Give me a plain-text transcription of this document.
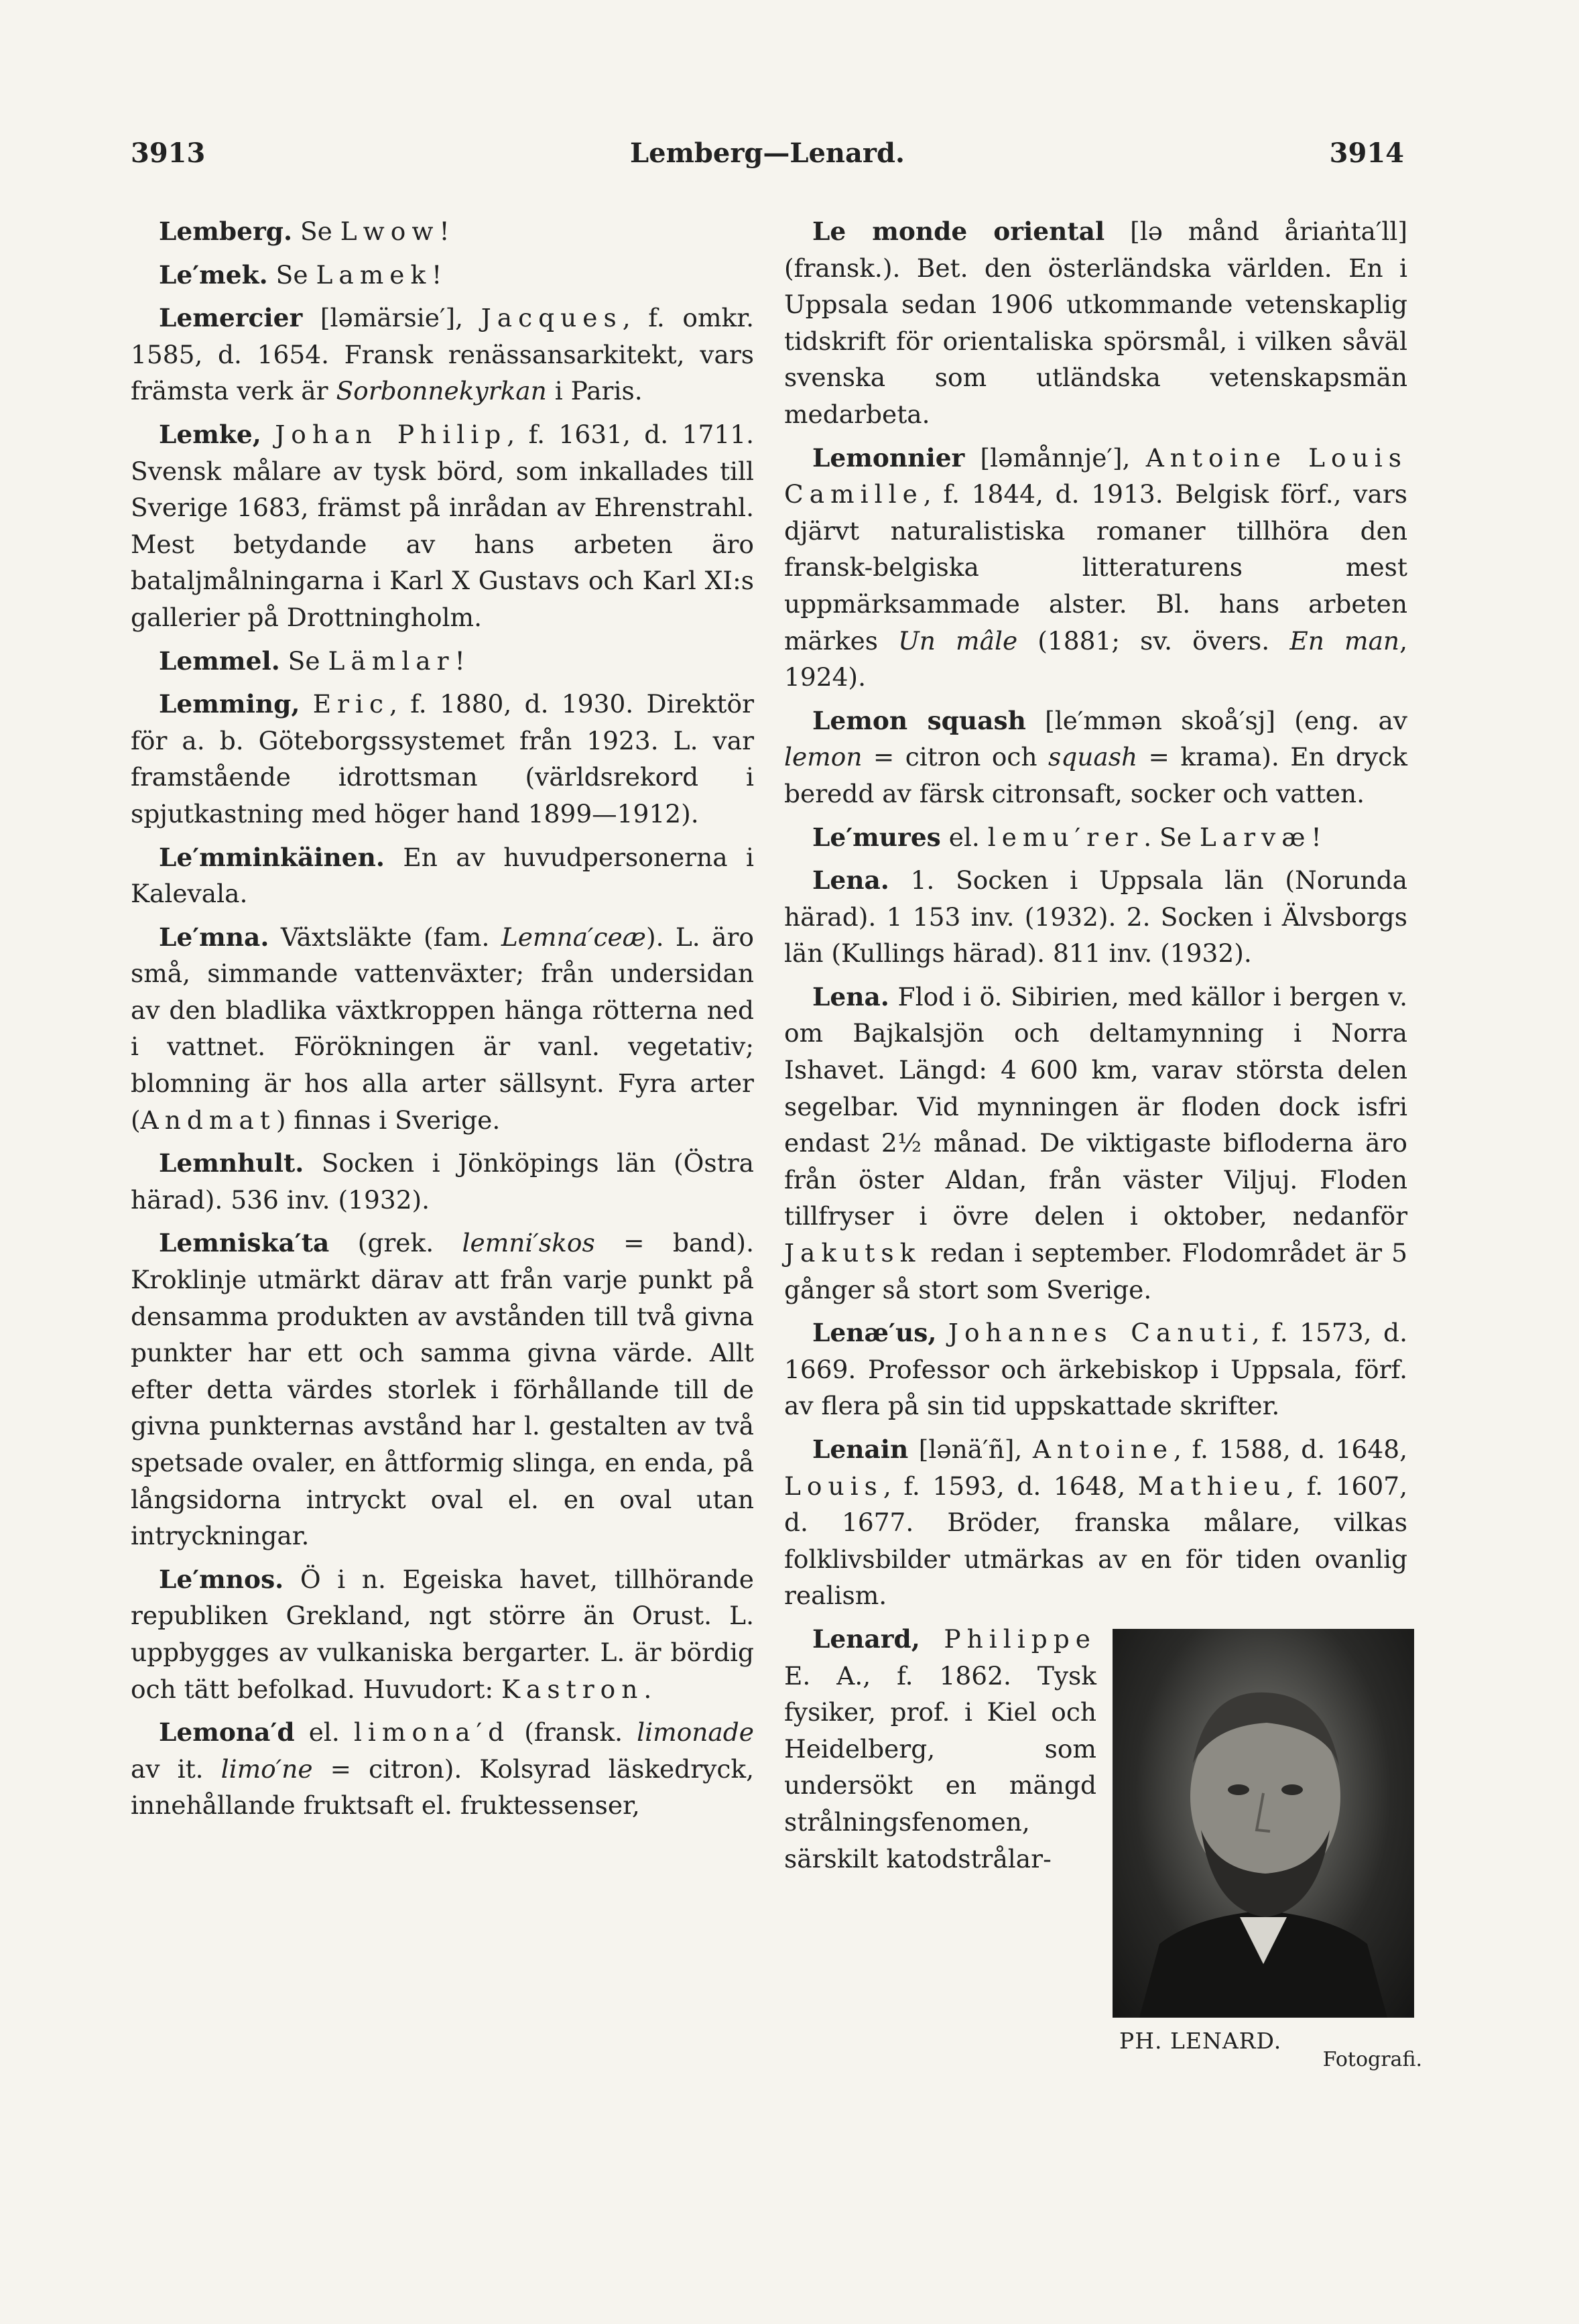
3913	Lemberg—Lenard.	3914

Lemberg. Se Lwow!

Le′mek. Se Lamek!

Lemercier [ləmärsie′], Jacques, f. omkr. 1585, d. 1654. Fransk renässansarkitekt, vars främsta verk är Sorbonnekyrkan i Paris.

Lemke, Johan Philip, f. 1631, d. 1711. Svensk målare av tysk börd, som inkallades till Sverige 1683, främst på inrådan av Ehrenstrahl. Mest betydande av hans arbeten äro bataljmålningarna i Karl X Gustavs och Karl XI:s gallerier på Drottningholm.

Lemmel. Se Lämlar!

Lemming, Eric, f. 1880, d. 1930. Direktör för a. b. Göteborgssystemet från 1923. L. var framstående idrottsman (världsrekord i spjutkastning med höger hand 1899—1912).

Le′mminkäinen. En av huvudpersonerna i Kalevala.

Le′mna. Växtsläkte (fam. Lemna′ceæ). L. äro små, simmande vattenväxter; från undersidan av den bladlika växtkroppen hänga rötterna ned i vattnet. Förökningen är vanl. vegetativ; blomning är hos alla arter sällsynt. Fyra arter (Andmat) finnas i Sverige.

Lemnhult. Socken i Jönköpings län (Östra härad). 536 inv. (1932).

Lemniska′ta (grek. lemni′skos = band). Kroklinje utmärkt därav att från varje punkt på densamma produkten av avstånden till två givna punkter har ett och samma givna värde. Allt efter detta värdes storlek i förhållande till de givna punkternas avstånd har l. gestalten av två spetsade ovaler, en åttformig slinga, en enda, på långsidorna intryckt oval el. en oval utan intryckningar.

Le′mnos. Ö i n. Egeiska havet, tillhörande republiken Grekland, ngt större än Orust. L. uppbygges av vulkaniska bergarter. L. är bördig och tätt befolkad. Huvudort: Kastron.

Lemona′d el. limona′d (fransk. limonade av it. limo′ne = citron). Kolsyrad läskedryck, innehållande fruktsaft el. fruktessenser,

Le monde oriental [lə månd åriaṅta′ll] (fransk.). Bet. den österländska världen. En i Uppsala sedan 1906 utkommande vetenskaplig tidskrift för orientaliska spörsmål, i vilken såväl svenska som utländska vetenskapsmän medarbeta.

Lemonnier [ləmånnje′], Antoine Louis Camille, f. 1844, d. 1913. Belgisk förf., vars djärvt naturalistiska romaner tillhöra den fransk-belgiska litteraturens mest uppmärksammade alster. Bl. hans arbeten märkes Un mâle (1881; sv. övers. En man, 1924).

Lemon squash [le′mmən skoå′sj] (eng. av lemon = citron och squash = krama). En dryck beredd av färsk citronsaft, socker och vatten.

Le′mures el. lemu′rer. Se Larvæ!

Lena. 1. Socken i Uppsala län (Norunda härad). 1 153 inv. (1932). 2. Socken i Älvsborgs län (Kullings härad). 811 inv. (1932).

Lena. Flod i ö. Sibirien, med källor i bergen v. om Bajkalsjön och deltamynning i Norra Ishavet. Längd: 4 600 km, varav största delen segelbar. Vid mynningen är floden dock isfri endast 2½ månad. De viktigaste bifloderna äro från öster Aldan, från väster Viljuj. Floden tillfryser i övre delen i oktober, nedanför Jakutsk redan i september. Flodområdet är 5 gånger så stort som Sverige.

Lenæ′us, Johannes Canuti, f. 1573, d. 1669. Professor och ärkebiskop i Uppsala, förf. av flera på sin tid uppskattade skrifter.

Lenain [lənä′ñ], Antoine, f. 1588, d. 1648, Louis, f. 1593, d. 1648, Mathieu, f. 1607, d. 1677. Bröder, franska målare, vilkas folklivsbilder utmärkas av en för tiden ovanlig realism.

PH. LENARD.
Fotografi.

Lenard, Philippe E. A., f. 1862. Tysk fysiker, prof. i Kiel och Heidelberg, som undersökt en mängd strålningsfenomen, särskilt katodstrålar-
